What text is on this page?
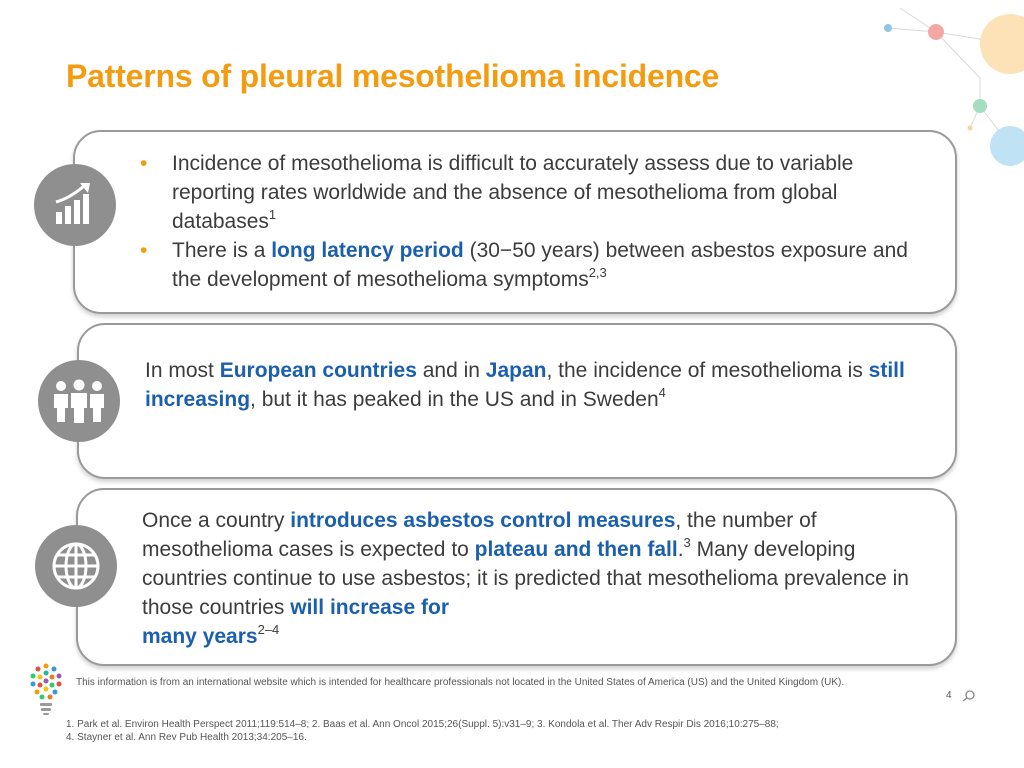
Patterns of pleural mesothelioma incidence
• Incidence of mesothelioma is difficult to accurately assess due to variable reporting rates worldwide and the absence of mesothelioma from global databases$^1$
• There is a long latency period (30−50 years) between asbestos exposure and the development of mesothelioma symptoms$^{2,3}$
In most European countries and in Japan, the incidence of mesothelioma is still increasing, but it has peaked in the US and in Sweden$^4$
Once a country introduces asbestos control measures, the number of mesothelioma cases is expected to plateau and then fall.$^3$ Many developing countries continue to use asbestos; it is predicted that mesothelioma prevalence in those countries will increase for
many years$^{2-4}$
This information is from an international website which is intended for healthcare professionals not located in the United States of America (US) and the United Kingdom (UK).
4
1. Park et al. Environ Health Perspect 2011;119:514–8; 2. Baas et al. Ann Oncol 2015;26(Suppl. 5):v31–9; 3. Kondola et al. Ther Adv Respir Dis 2016;10:275–88;
4. Stayner et al. Ann Rev Pub Health 2013;34:205–16.
